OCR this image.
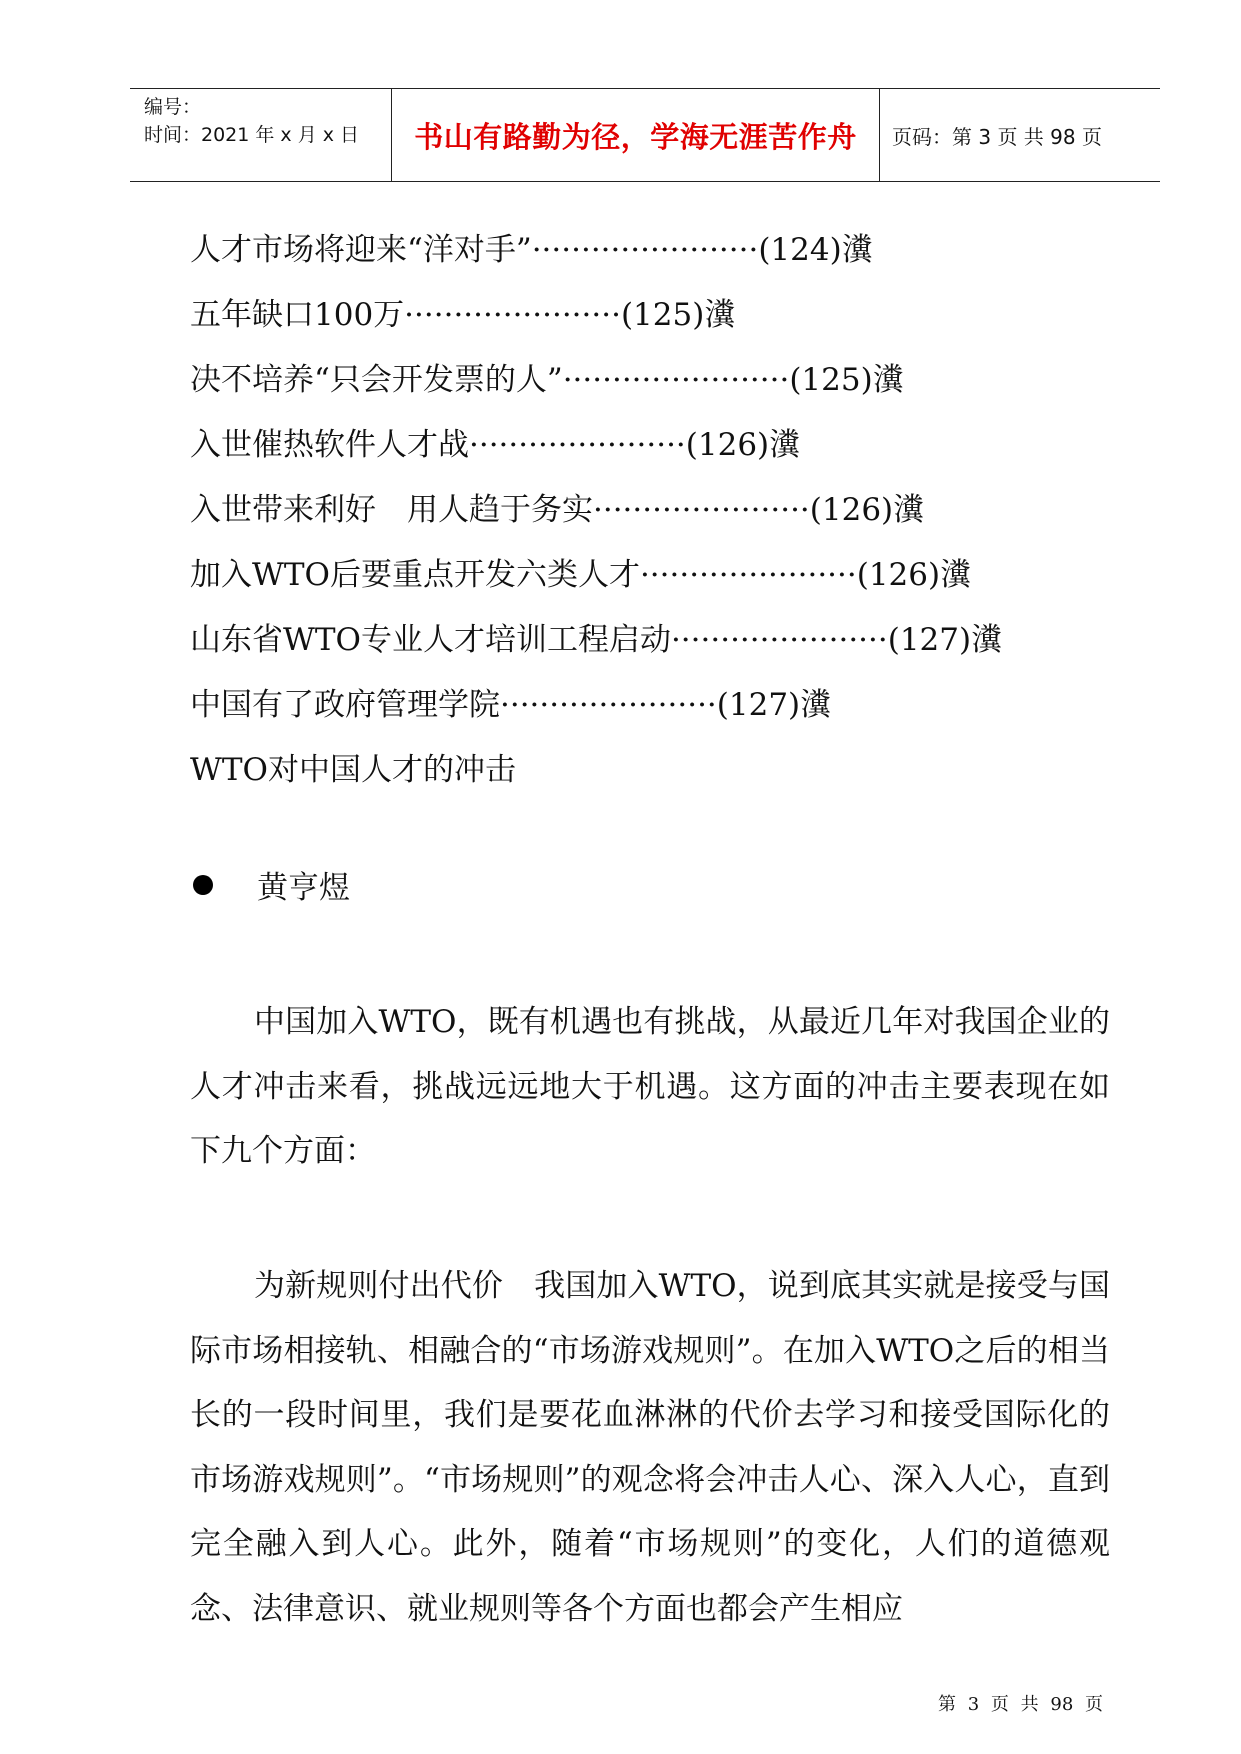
编号：
时间：2021 年 x 月 x 日	书山有路勤为径，学海无涯苦作舟	页码：第 3 页 共 98 页
人才市场将迎来“洋对手”·······················(124)瀵
五年缺口100万······················(125)瀵
决不培养“只会开发票的人”·······················(125)瀵
入世催热软件人才战······················(126)瀵
入世带来利好　用人趋于务实······················(126)瀵
加入WTO后要重点开发六类人才······················(126)瀵
山东省WTO专业人才培训工程启动······················(127)瀵
中国有了政府管理学院······················(127)瀵
WTO对中国人才的冲击
黄亨煜
中国加入WTO，既有机遇也有挑战，从最近几年对我国企业的人才冲击来看，挑战远远地大于机遇。这方面的冲击主要表现在如下九个方面：
为新规则付出代价　我国加入WTO，说到底其实就是接受与国际市场相接轨、相融合的“市场游戏规则”。在加入WTO之后的相当长的一段时间里，我们是要花血淋淋的代价去学习和接受国际化的市场游戏规则”。“市场规则”的观念将会冲击人心、深入人心，直到完全融入到人心。此外，随着“市场规则”的变化，人们的道德观念、法律意识、就业规则等各个方面也都会产生相应
第 3 页 共 98 页
